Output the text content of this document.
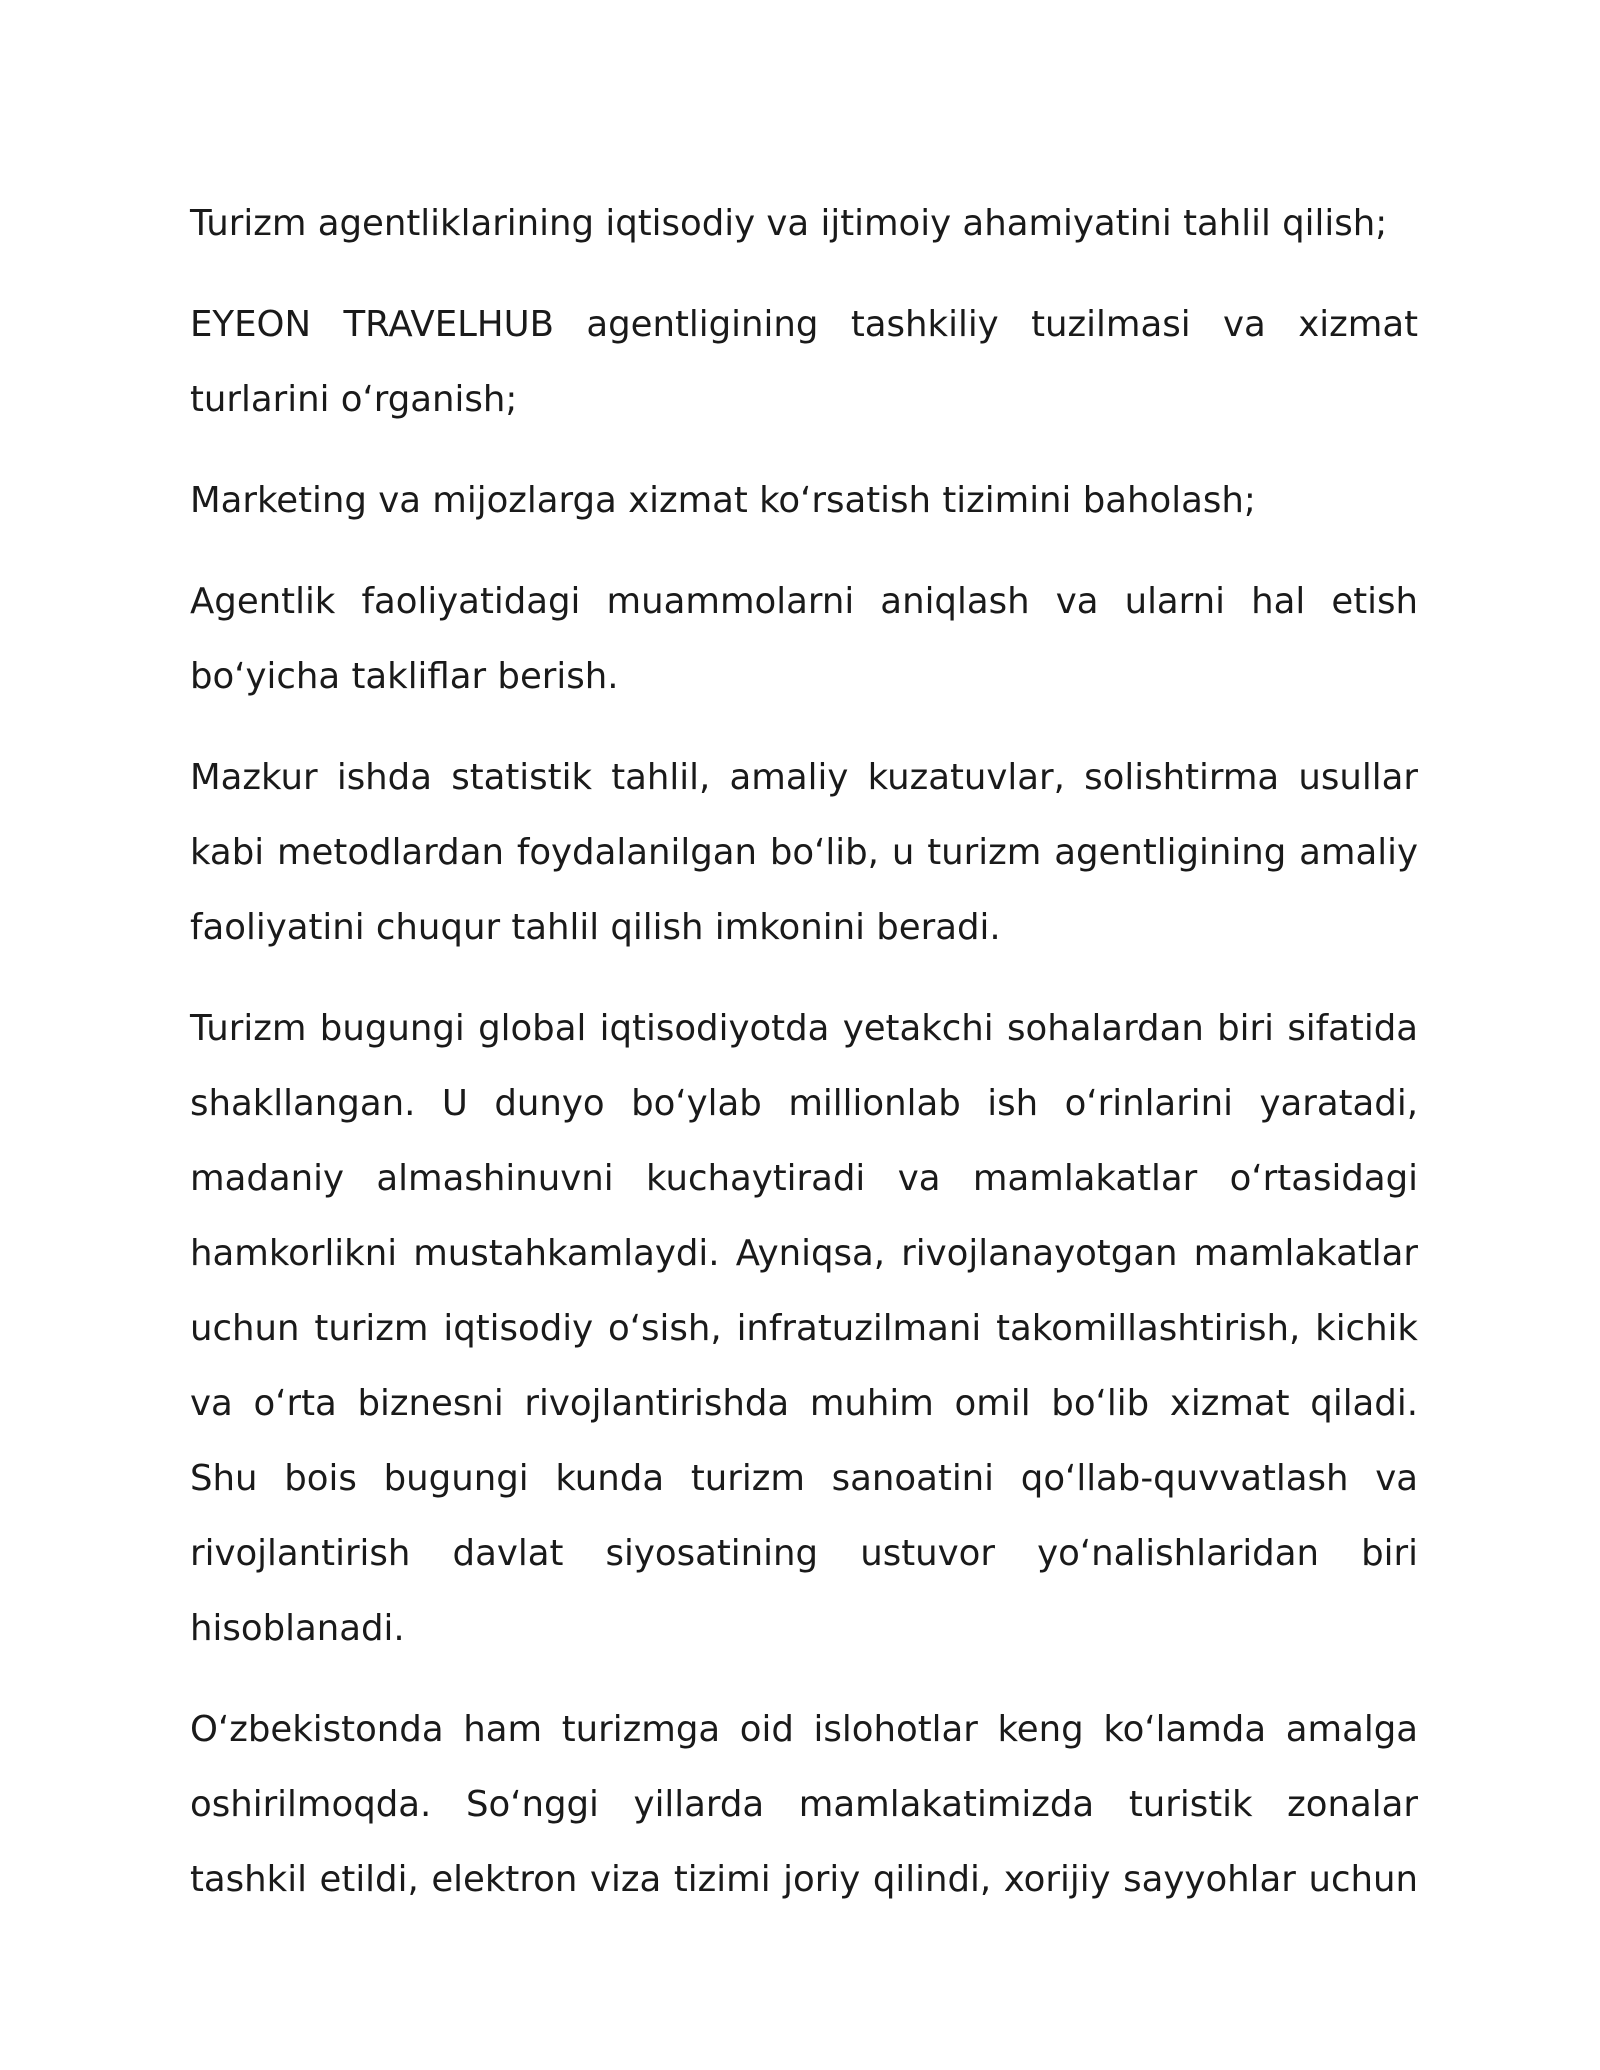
Turizm agentliklarining iqtisodiy va ijtimoiy ahamiyatini tahlil qilish;

EYEON TRAVELHUB agentligining tashkiliy tuzilmasi va xizmat turlarini o‘rganish;

Marketing va mijozlarga xizmat ko‘rsatish tizimini baholash;

Agentlik faoliyatidagi muammolarni aniqlash va ularni hal etish bo‘yicha takliflar berish.

Mazkur ishda statistik tahlil, amaliy kuzatuvlar, solishtirma usullar kabi metodlardan foydalanilgan bo‘lib, u turizm agentligining amaliy faoliyatini chuqur tahlil qilish imkonini beradi.

Turizm bugungi global iqtisodiyotda yetakchi sohalardan biri sifatida shakllangan. U dunyo bo‘ylab millionlab ish o‘rinlarini yaratadi, madaniy almashinuvni kuchaytiradi va mamlakatlar o‘rtasidagi hamkorlikni mustahkamlaydi. Ayniqsa, rivojlanayotgan mamlakatlar uchun turizm iqtisodiy o‘sish, infratuzilmani takomillashtirish, kichik va o‘rta biznesni rivojlantirishda muhim omil bo‘lib xizmat qiladi. Shu bois bugungi kunda turizm sanoatini qo‘llab-quvvatlash va rivojlantirish davlat siyosatining ustuvor yo‘nalishlaridan biri hisoblanadi.

O‘zbekistonda ham turizmga oid islohotlar keng ko‘lamda amalga oshirilmoqda. So‘nggi yillarda mamlakatimizda turistik zonalar tashkil etildi, elektron viza tizimi joriy qilindi, xorijiy sayyohlar uchun
